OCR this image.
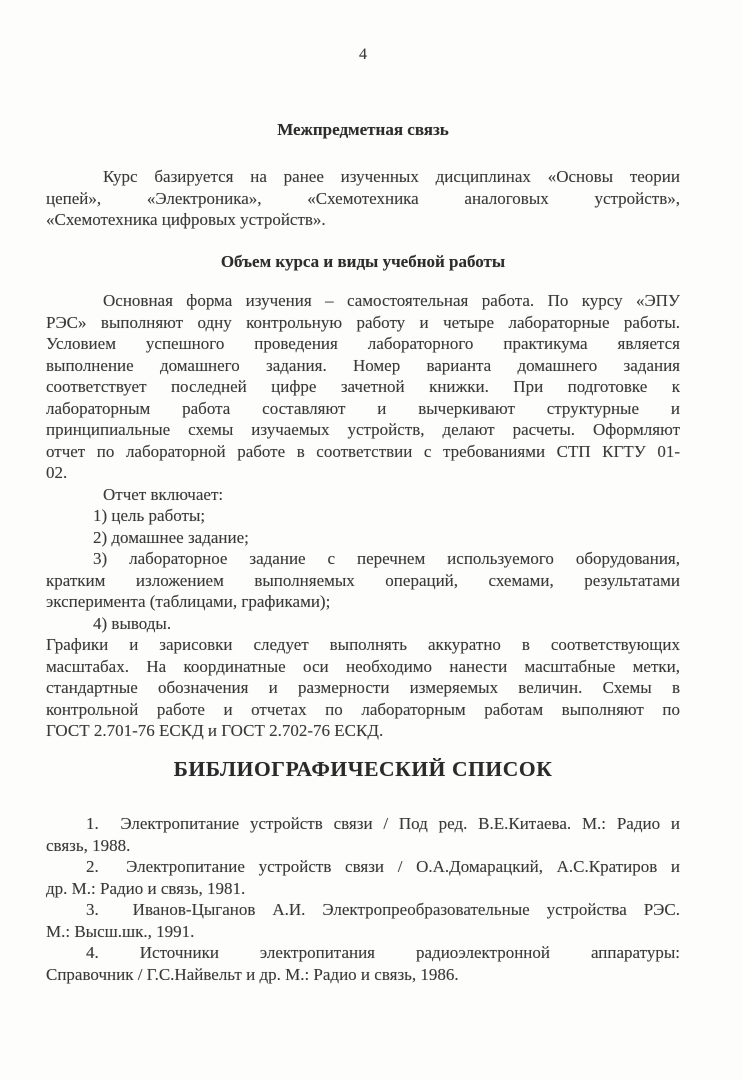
4
Межпредметная связь
Курс базируется на ранее изученных дисциплинах «Основы теории
цепей», «Электроника», «Схемотехника аналоговых устройств»,
«Схемотехника цифровых устройств».
Объем курса и виды учебной работы
Основная форма изучения – самостоятельная работа. По курсу «ЭПУ
РЭС» выполняют одну контрольную работу и четыре лабораторные работы.
Условием успешного проведения лабораторного практикума является
выполнение домашнего задания. Номер варианта домашнего задания
соответствует последней цифре зачетной книжки. При подготовке к
лабораторным работа составляют и вычеркивают структурные и
принципиальные схемы изучаемых устройств, делают расчеты. Оформляют
отчет по лабораторной работе в соответствии с требованиями СТП КГТУ 01-
02.
Отчет включает:
1) цель работы;
2) домашнее задание;
3) лабораторное задание с перечнем используемого оборудования,
кратким изложением выполняемых операций, схемами, результатами
эксперимента (таблицами, графиками);
4) выводы.
Графики и зарисовки следует выполнять аккуратно в соответствующих
масштабах. На координатные оси необходимо нанести масштабные метки,
стандартные обозначения и размерности измеряемых величин. Схемы в
контрольной работе и отчетах по лабораторным работам выполняют по
ГОСТ 2.701-76 ЕСКД и ГОСТ 2.702-76 ЕСКД.
БИБЛИОГРАФИЧЕСКИЙ СПИСОК
1.  Электропитание устройств связи / Под ред. В.Е.Китаева. М.: Радио и
связь, 1988.
2.  Электропитание устройств связи / О.А.Домарацкий, А.С.Кратиров и
др. М.: Радио и связь, 1981.
3.  Иванов-Цыганов А.И. Электропреобразовательные устройства РЭС.
М.: Высш.шк., 1991.
4. Источники электропитания радиоэлектронной аппаратуры:
Справочник / Г.С.Найвельт и др. М.: Радио и связь, 1986.
